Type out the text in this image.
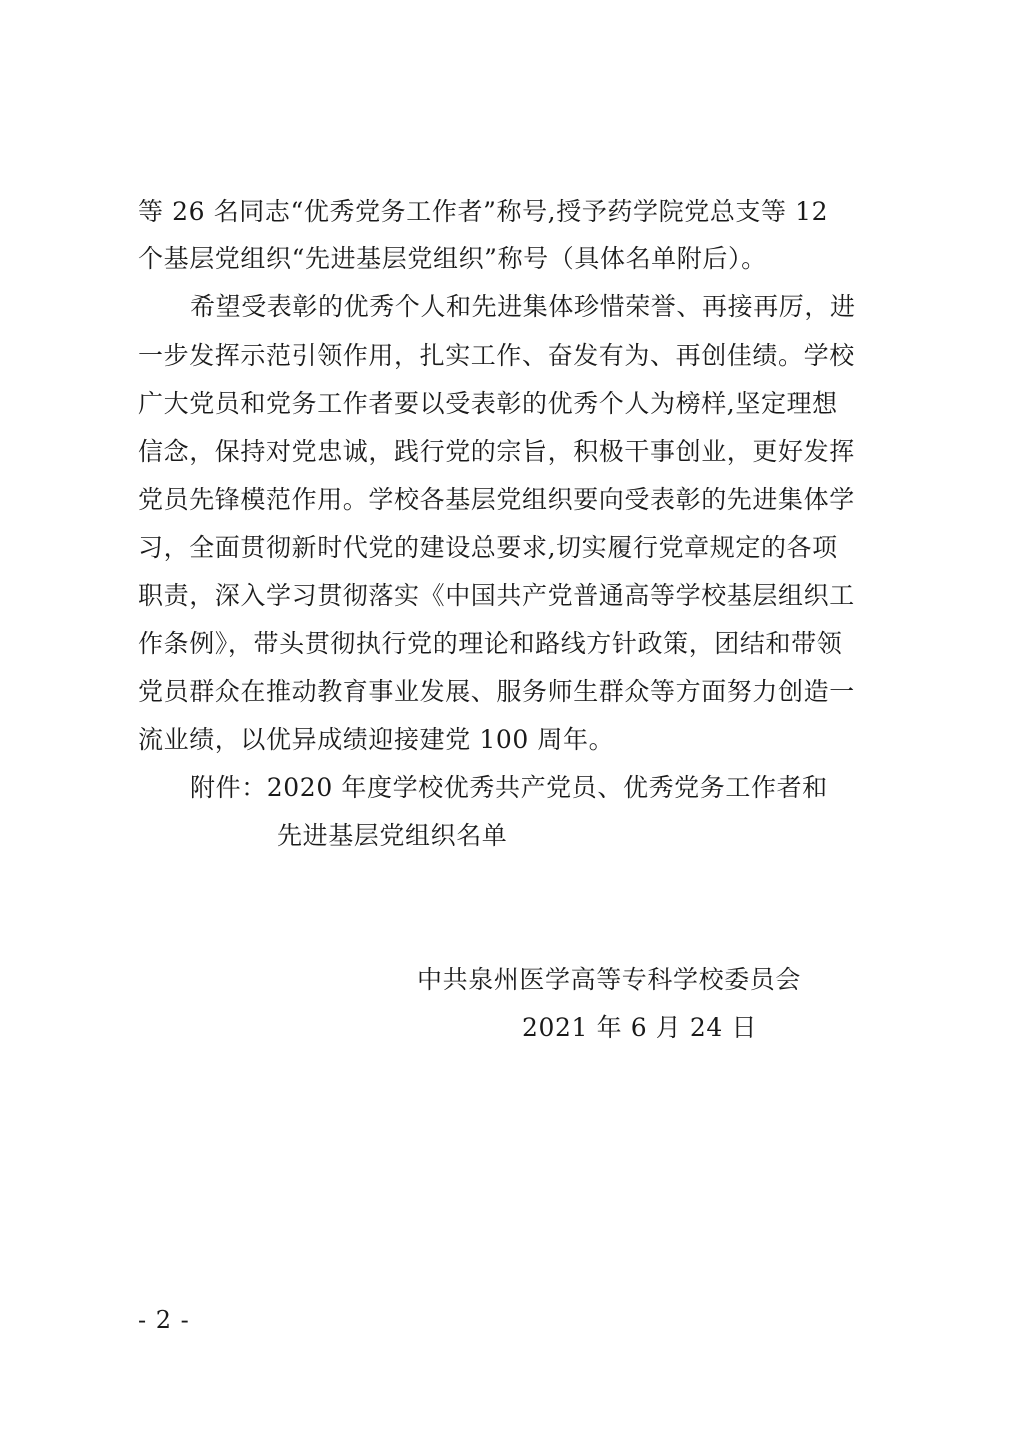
等 26 名同志“优秀党务工作者”称号,授予药学院党总支等 12
个基层党组织“先进基层党组织”称号（具体名单附后）。
希望受表彰的优秀个人和先进集体珍惜荣誉、再接再厉，进
一步发挥示范引领作用，扎实工作、奋发有为、再创佳绩。学校
广大党员和党务工作者要以受表彰的优秀个人为榜样,坚定理想
信念，保持对党忠诚，践行党的宗旨，积极干事创业，更好发挥
党员先锋模范作用。学校各基层党组织要向受表彰的先进集体学
习，全面贯彻新时代党的建设总要求,切实履行党章规定的各项
职责，深入学习贯彻落实《中国共产党普通高等学校基层组织工
作条例》，带头贯彻执行党的理论和路线方针政策，团结和带领
党员群众在推动教育事业发展、服务师生群众等方面努力创造一
流业绩，以优异成绩迎接建党 100 周年。
附件：2020 年度学校优秀共产党员、优秀党务工作者和
先进基层党组织名单
中共泉州医学高等专科学校委员会
2021 年 6 月 24 日
- 2 -
